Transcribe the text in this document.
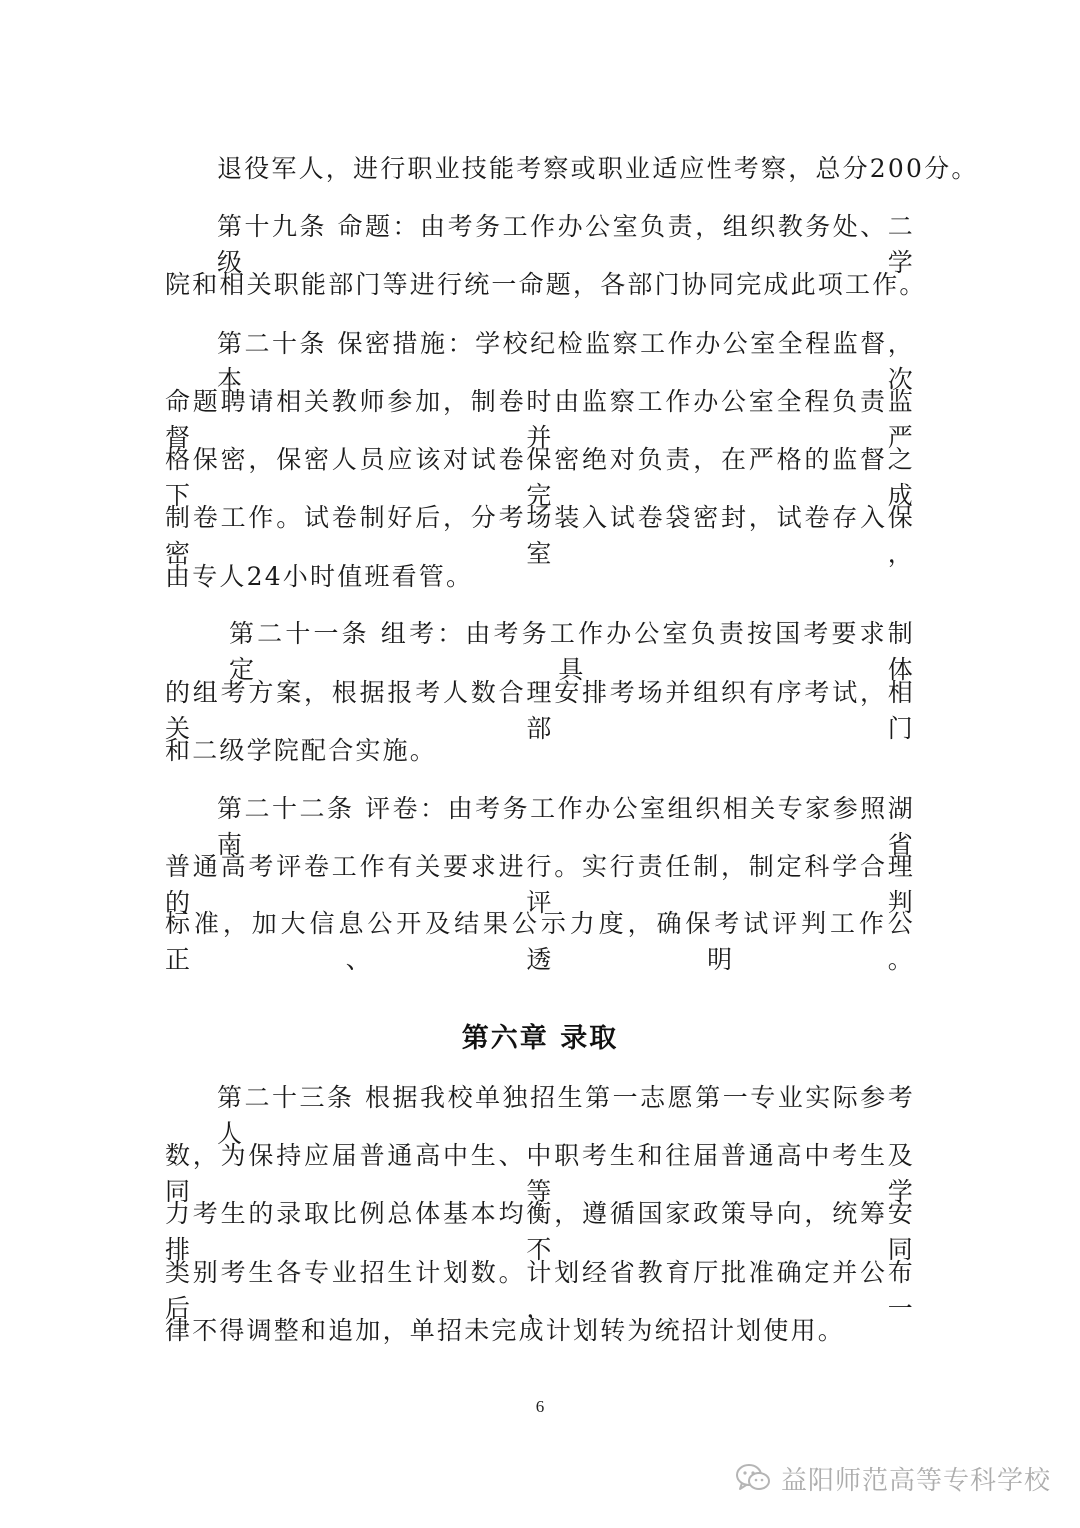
退役军人，进行职业技能考察或职业适应性考察，总分200分。
第十九条 命题：由考务工作办公室负责，组织教务处、二级学
院和相关职能部门等进行统一命题，各部门协同完成此项工作。
第二十条 保密措施：学校纪检监察工作办公室全程监督，本次
命题聘请相关教师参加，制卷时由监察工作办公室全程负责监督并严
格保密，保密人员应该对试卷保密绝对负责，在严格的监督之下完成
制卷工作。试卷制好后，分考场装入试卷袋密封，试卷存入保密室，
由专人24小时值班看管。
第二十一条 组考：由考务工作办公室负责按国考要求制定具体
的组考方案，根据报考人数合理安排考场并组织有序考试，相关部门
和二级学院配合实施。
第二十二条 评卷：由考务工作办公室组织相关专家参照湖南省
普通高考评卷工作有关要求进行。实行责任制，制定科学合理的评判
标准，加大信息公开及结果公示力度，确保考试评判工作公正、透明。
第六章 录取
第二十三条 根据我校单独招生第一志愿第一专业实际参考人
数，为保持应届普通高中生、中职考生和往届普通高中考生及同等学
力考生的录取比例总体基本均衡，遵循国家政策导向，统筹安排不同
类别考生各专业招生计划数。计划经省教育厅批准确定并公布后，一
律不得调整和追加，单招未完成计划转为统招计划使用。
6
益阳师范高等专科学校
